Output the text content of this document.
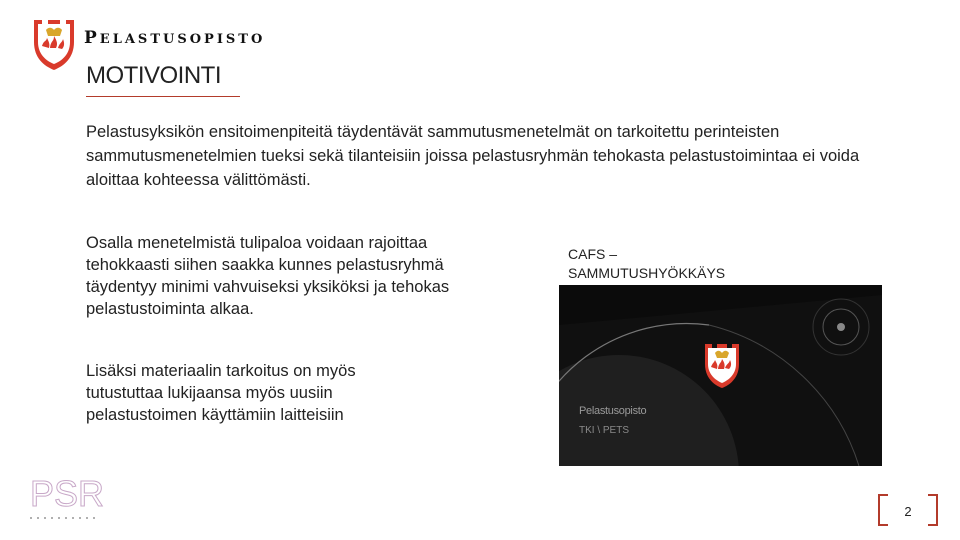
PELASTUSOPISTO
MOTIVOINTI
Pelastusyksikön ensitoimenpiteitä täydentävät sammutusmenetelmät on tarkoitettu perinteisten sammutusmenetelmien tueksi sekä tilanteisiin joissa pelastusryhmän tehokasta pelastustoimintaa ei voida aloittaa kohteessa välittömästi.
Osalla menetelmistä tulipaloa voidaan rajoittaa tehokkaasti siihen saakka kunnes pelastusryhmä täydentyy minimi vahvuiseksi yksiköksi ja tehokas pelastustoiminta alkaa.
Lisäksi materiaalin tarkoitus on myös tutustuttaa lukijaansa myös uusiin pelastustoimen käyttämiin laitteisiin
CAFS –
SAMMUTUSHYÖKKÄYS
Pelastusopisto
TKI \ PETS
PSR	2
